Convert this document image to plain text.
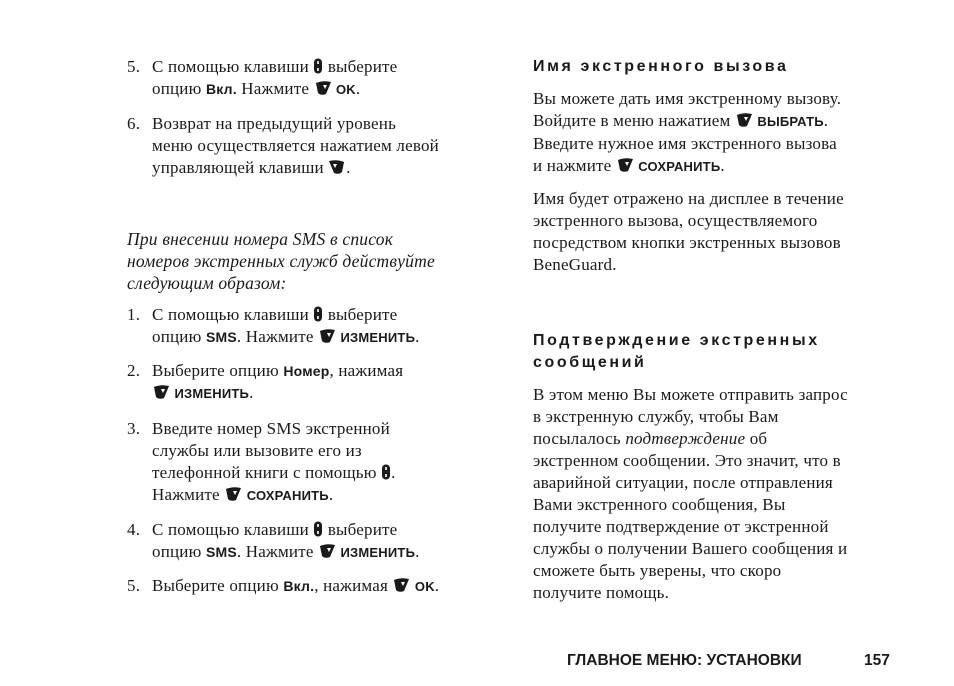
5. С помощью клавиши выберите
опцию Вкл. Нажмите OK.
6. Возврат на предыдущий уровень
меню осуществляется нажатием левой
управляющей клавиши .
При внесении номера SMS в список
номеров экстренных служб действуйте
следующим образом:
1. С помощью клавиши выберите
опцию SMS. Нажмите ИЗМЕНИТЬ.
2. Выберите опцию Номер, нажимая
ИЗМЕНИТЬ.
3. Введите номер SMS экстренной
службы или вызовите его из
телефонной книги с помощью .
Нажмите СОХРАНИТЬ.
4. С помощью клавиши выберите
опцию SMS. Нажмите ИЗМЕНИТЬ.
5. Выберите опцию Вкл., нажимая OK.
Имя экстренного вызова
Вы можете дать имя экстренному вызову.
Войдите в меню нажатием ВЫБРАТЬ.
Введите нужное имя экстренного вызова
и нажмите СОХРАНИТЬ.
Имя будет отражено на дисплее в течение
экстренного вызова, осуществляемого
посредством кнопки экстренных вызовов
BeneGuard.
Подтверждение экстренных
сообщений
В этом меню Вы можете отправить запрос
в экстренную службу, чтобы Вам
посылалось подтверждение об
экстренном сообщении. Это значит, что в
аварийной ситуации, после отправления
Вами экстренного сообщения, Вы
получите подтверждение от экстренной
службы о получении Вашего сообщения и
сможете быть уверены, что скоро
получите помощь.
ГЛАВНОЕ МЕНЮ: УСТАНОВКИ	157
